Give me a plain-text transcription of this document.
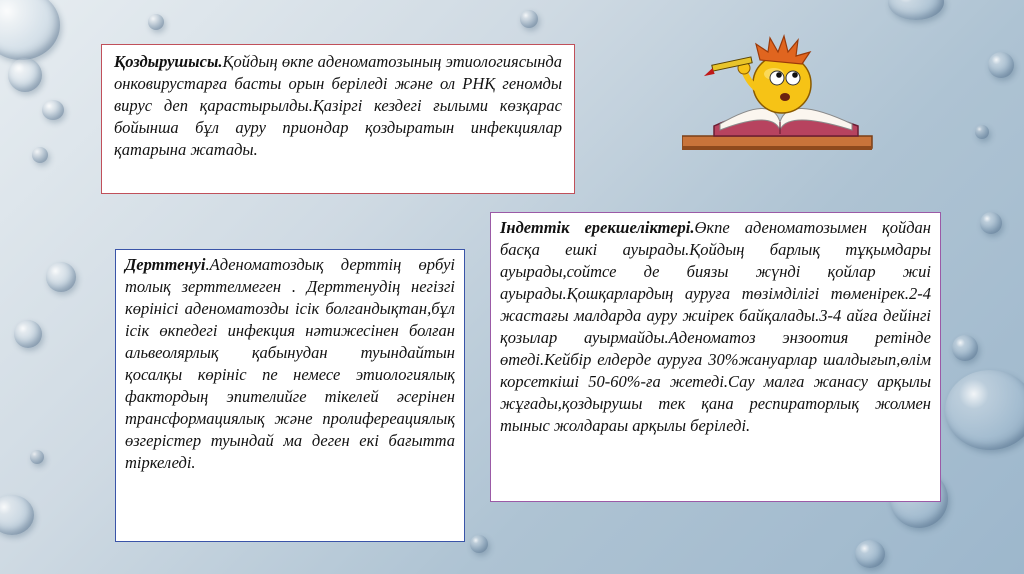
Қоздырушысы.Қойдың өкпе аденоматозының этиологиясында онковирустарға басты орын беріледі және ол РНҚ геномды вирус деп қарастырылды.Қазіргі кездегі ғылыми көзқарас бойынша бұл ауру приондар қоздыратын инфекциялар қатарына жатады.
Дерттенуі.Аденоматоздық дерттің өрбуі толық зерттелмеген . Дерттенудің негізгі көрінісі аденоматозды ісік болгандықтан,бұл ісік өкпедегі инфекция нәтижесінен болған альвеолярлық қабынудан туындайтын қосалқы көрініс пе немесе этиологиялық фактордың эпителийге тікелей әсерінен трансформациялық және пролифереациялық өзгерістер туындай ма деген екі бағытта тіркеледі.
Індеттік ерекшеліктері.Өкпе аденоматозымен қойдан басқа ешкі ауырады.Қойдың барлық тұқымдары ауырады,сойтсе де биязы жүнді қойлар жиі ауырады.Қошқарлардың ауруға төзімділігі төменірек.2-4 жастағы малдарда ауру жиірек байқалады.3-4 айға дейінгі қозылар ауырмайды.Аденоматоз энзоотия ретінде өтеді.Кейбір елдерде ауруға 30%жануарлар шалдығып,өлім корсеткіші 50-60%-ға жетеді.Сау малға жанасу арқылы жұғады,қоздырушы тек қана респираторлық жолмен тыныс жолдараы арқылы беріледі.
